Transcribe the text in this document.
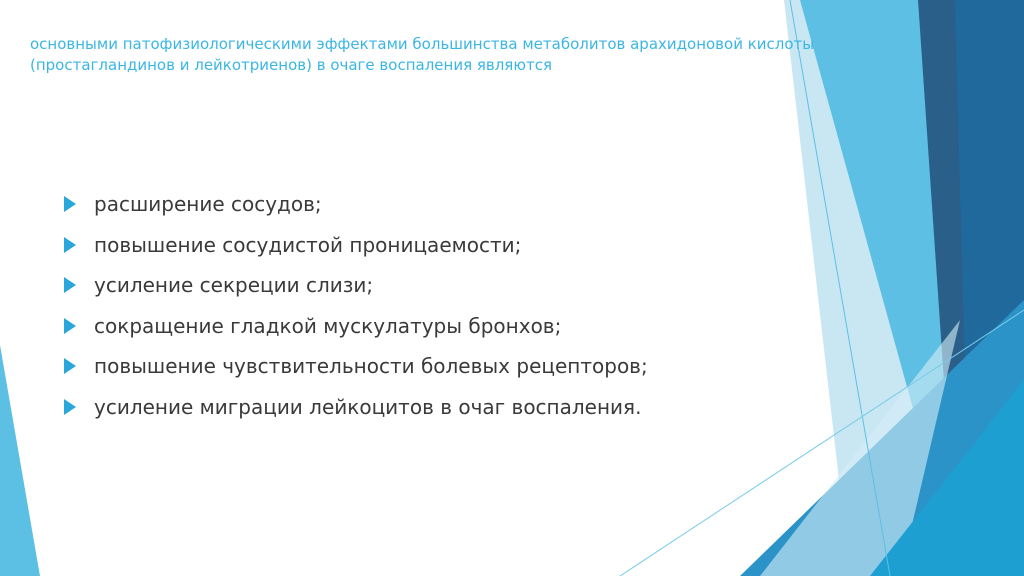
основными патофизиологическими эффектами большинства метаболитов арахидоновой кислоты (простагландинов и лейкотриенов) в очаге воспаления являются
расширение сосудов;
повышение сосудистой проницаемости;
усиление секреции слизи;
сокращение гладкой мускулатуры бронхов;
повышение чувствительности болевых рецепторов;
усиление миграции лейкоцитов в очаг воспаления.
